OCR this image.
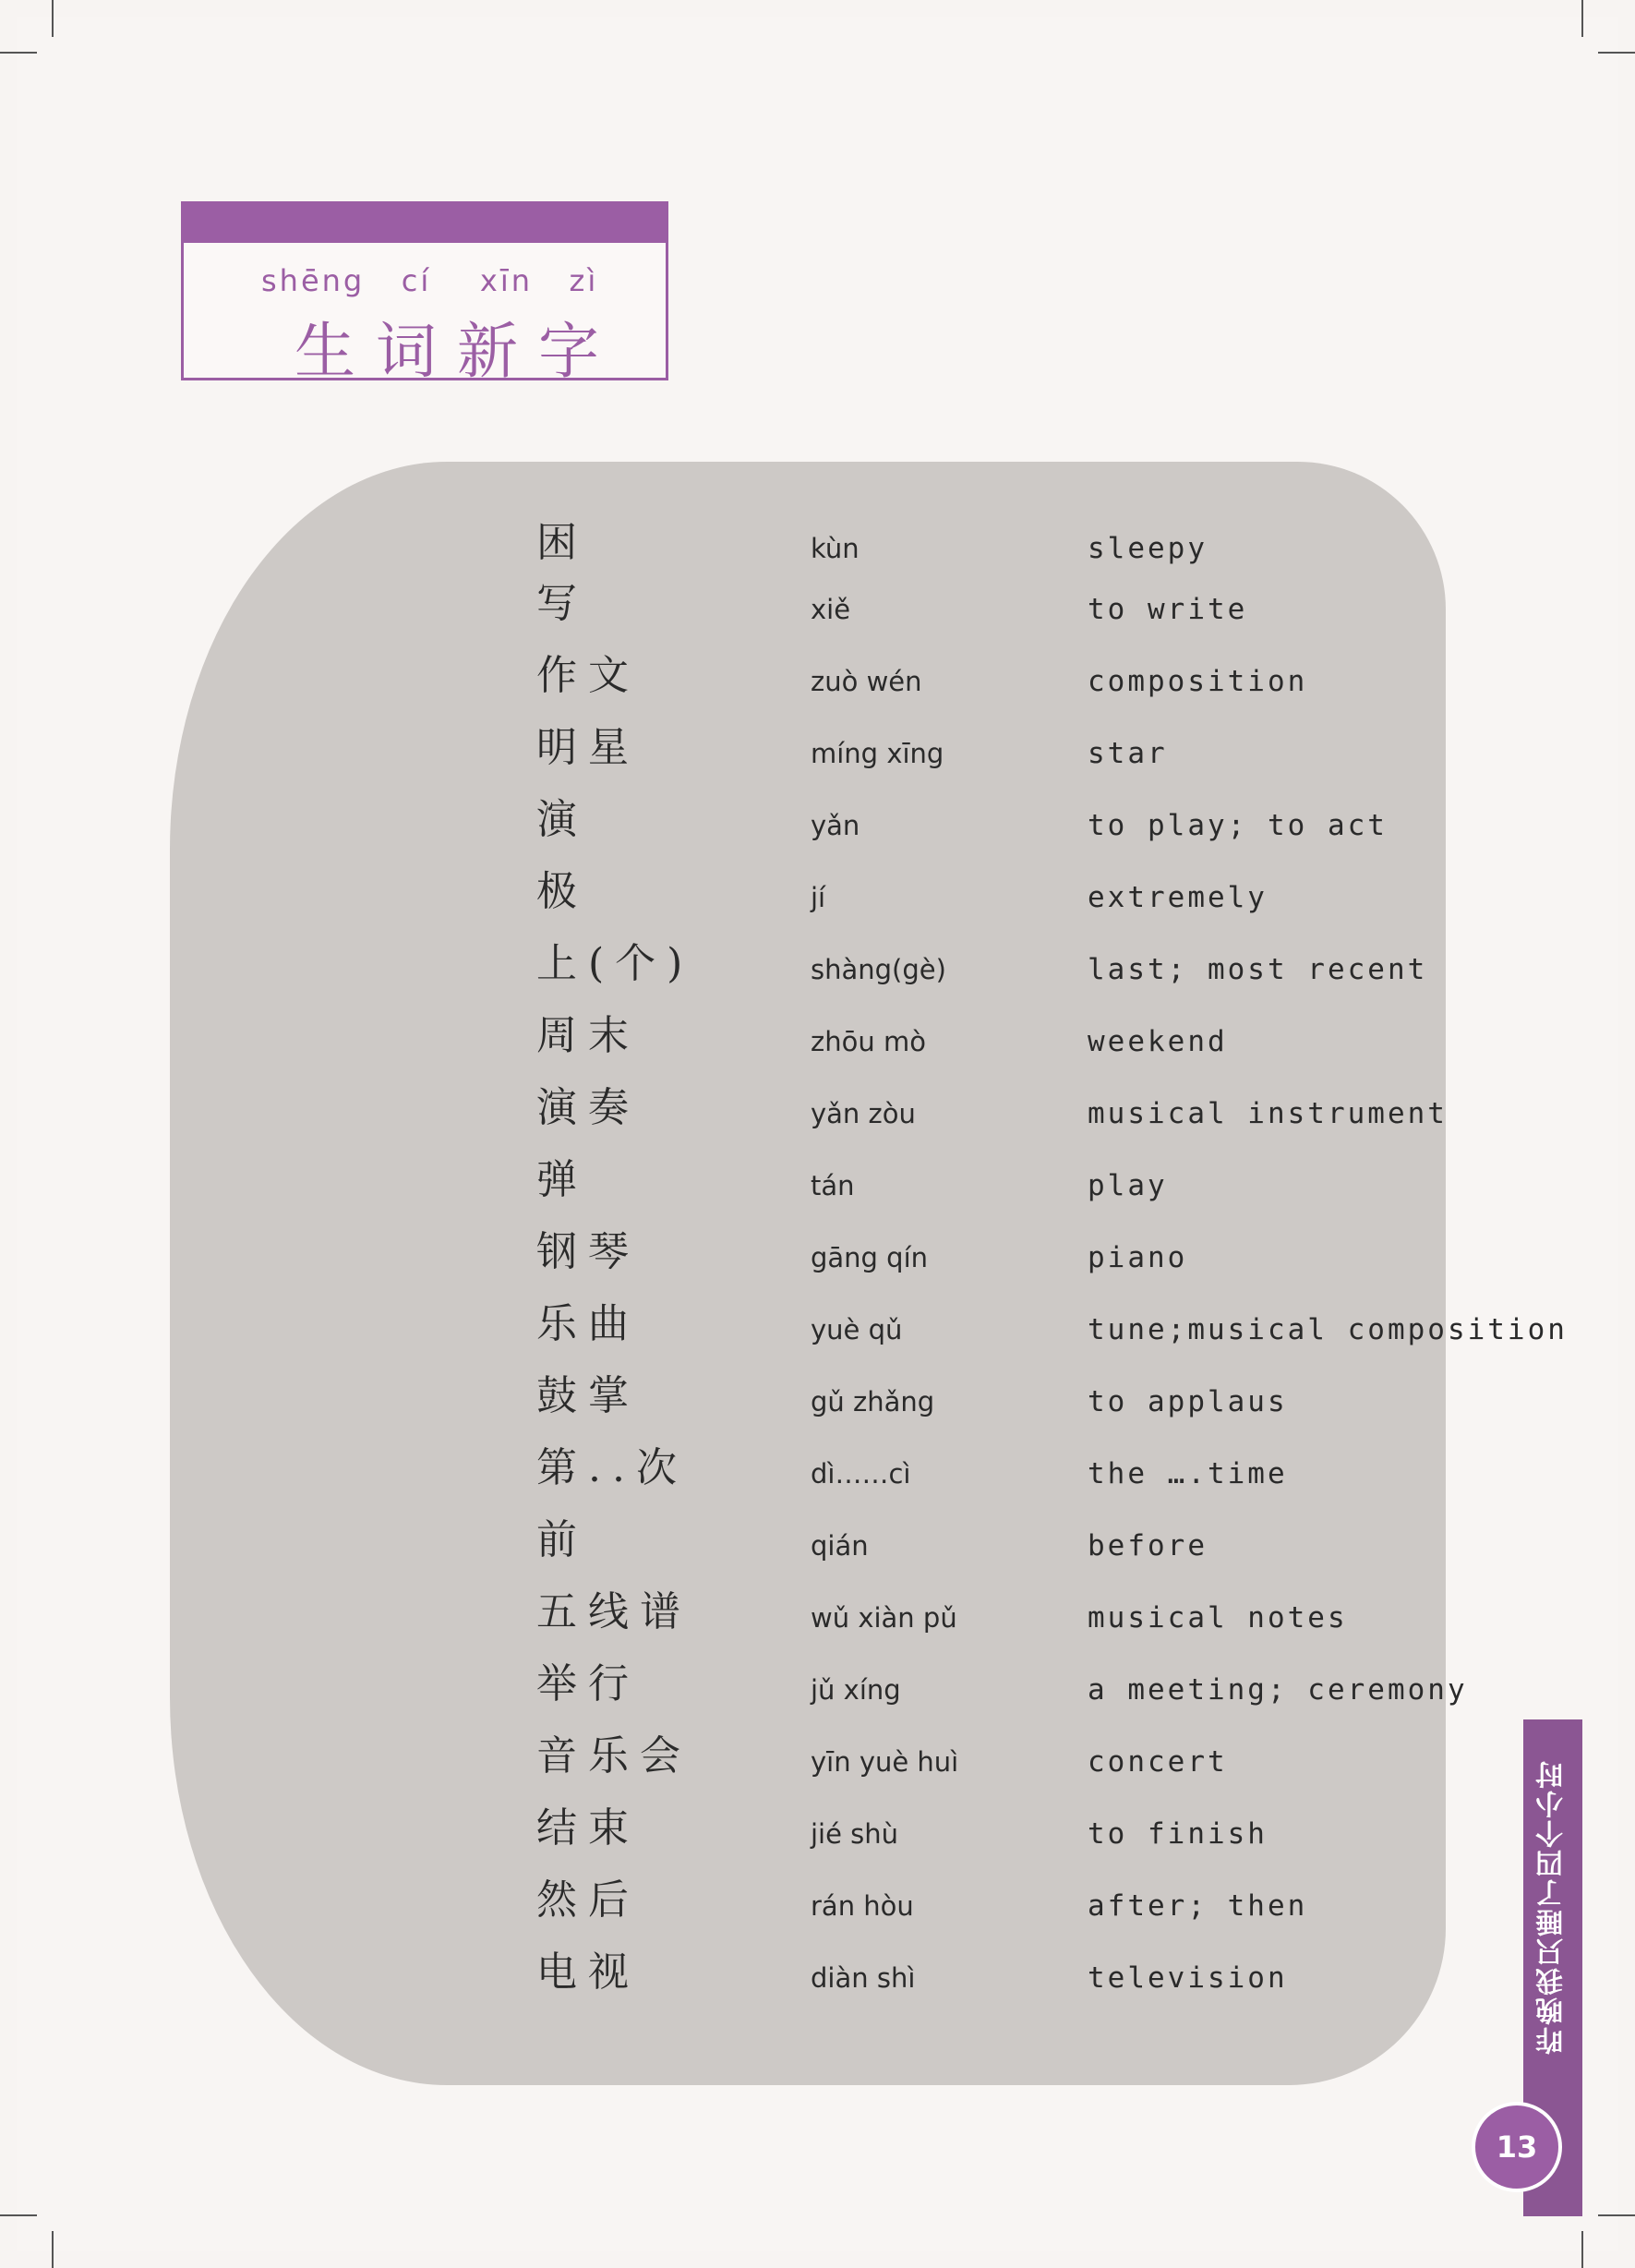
shēng   cí    xīn   zì
生词新字
困	kùn	sleepy
写	xiě	to write
作文	zuò wén	composition
明星	míng xīng	star
演	yǎn	to play; to act
极	jí	extremely
上(个)	shàng(gè)	last; most recent
周末	zhōu mò	weekend
演奏	yǎn zòu	musical instrument
弹	tán	play
钢琴	gāng qín	piano
乐曲	yuè qǔ	tune;musical composition
鼓掌	gǔ zhǎng	to applaus
第..次	dì……cì	the ….time
前	qián	before
五线谱	wǔ xiàn pǔ	musical notes
举行	jǔ xíng	a meeting; ceremony
音乐会	yīn yuè huì	concert
结束	jié shù	to finish
然后	rán hòu	after; then
电视	diàn shì	television	昨晚我只睡了四个小时
13
